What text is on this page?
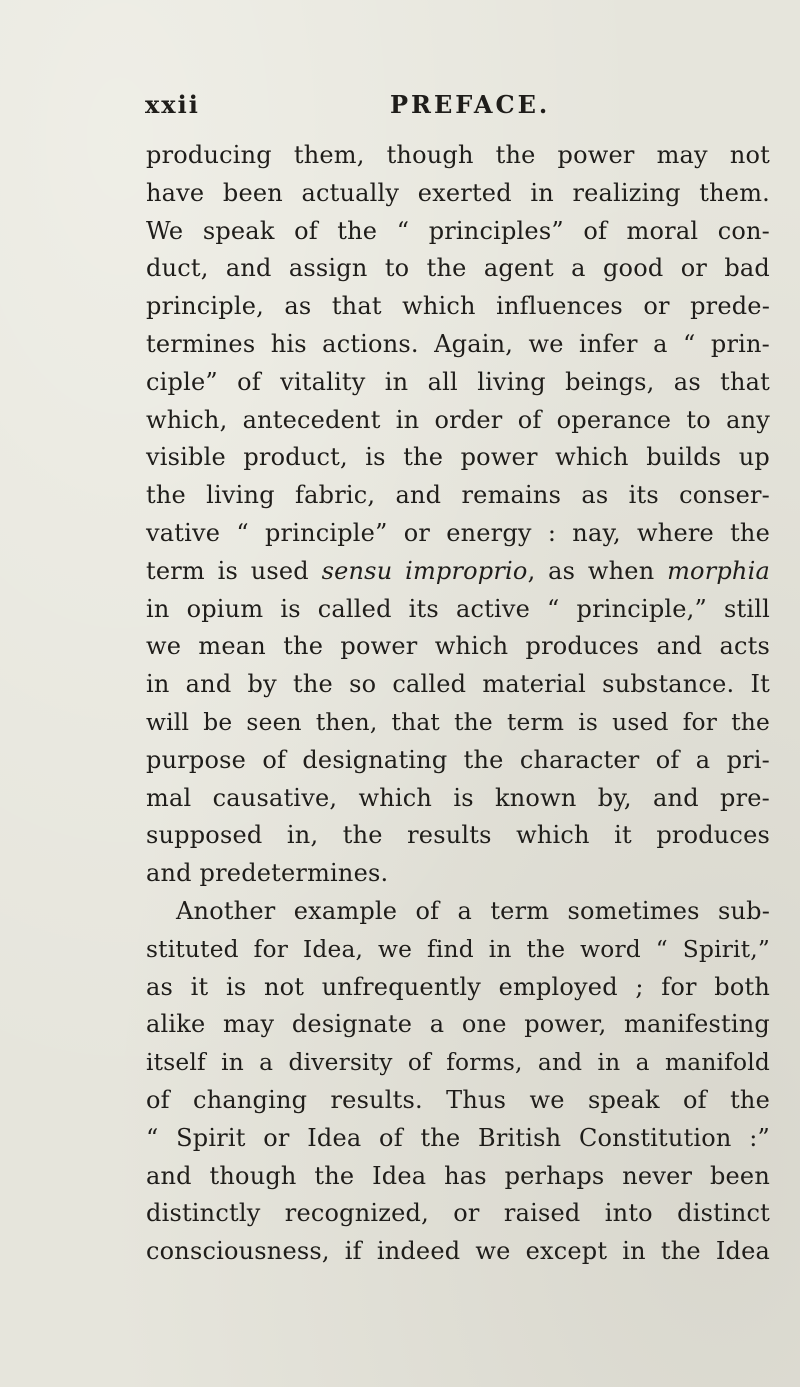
xxii	PREFACE.
producing them, though the power may not
have been actually exerted in realizing them.
We speak of the “ principles” of moral con-
duct, and assign to the agent a good or bad
principle, as that which influences or prede-
termines his actions. Again, we infer a “ prin-
ciple” of vitality in all living beings, as that
which, antecedent in order of operance to any
visible product, is the power which builds up
the living fabric, and remains as its conser-
vative “ principle” or energy : nay, where the
term is used sensu improprio, as when morphia
in opium is called its active “ principle,” still
we mean the power which produces and acts
in and by the so called material substance. It
will be seen then, that the term is used for the
purpose of designating the character of a pri-
mal causative, which is known by, and pre-
supposed in, the results which it produces
and predetermines.
Another example of a term sometimes sub-
stituted for Idea, we find in the word “ Spirit,”
as it is not unfrequently employed ; for both
alike may designate a one power, manifesting
itself in a diversity of forms, and in a manifold
of changing results. Thus we speak of the
“ Spirit or Idea of the British Constitution :”
and though the Idea has perhaps never been
distinctly recognized, or raised into distinct
consciousness, if indeed we except in the Idea
